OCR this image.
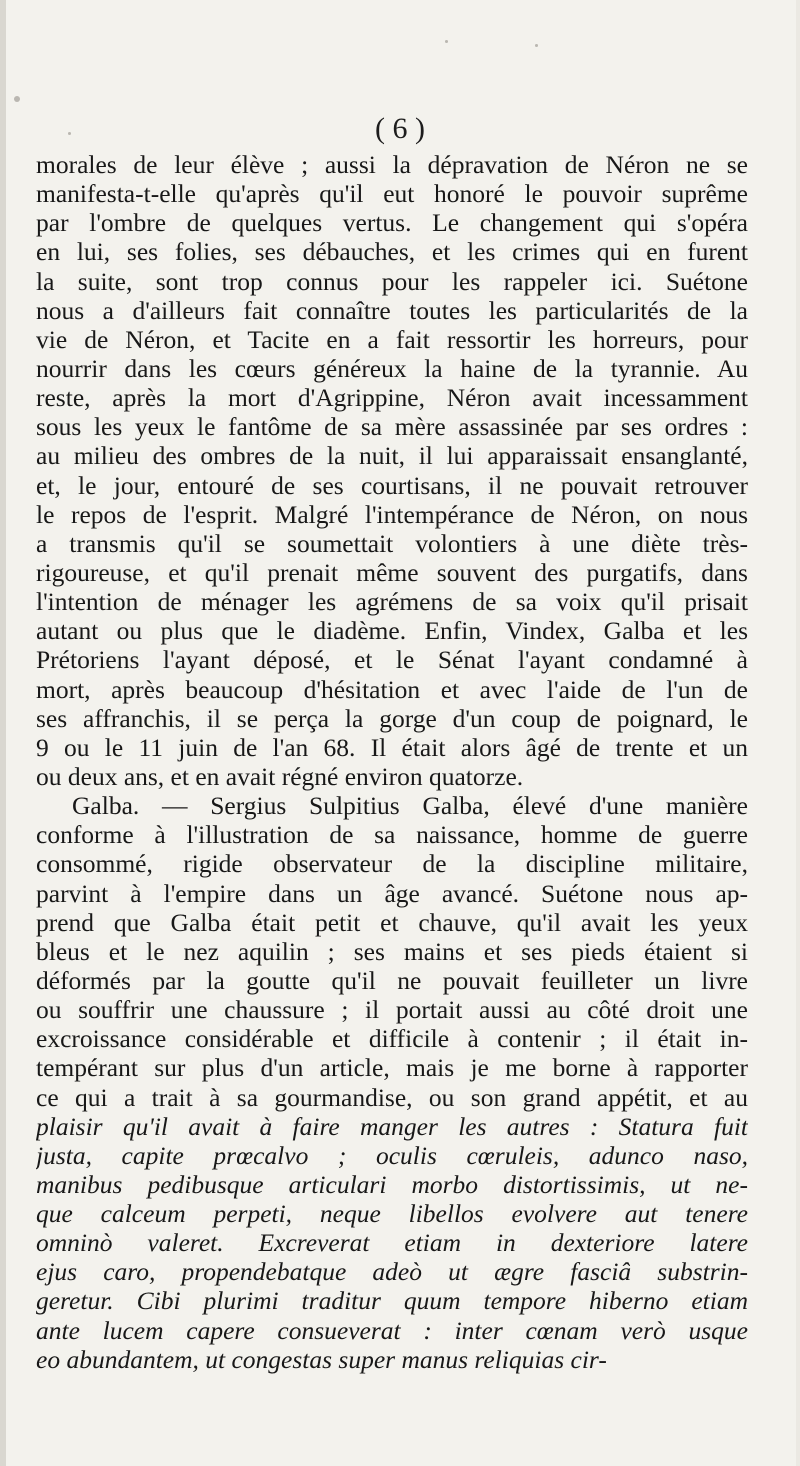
( 6 )
morales de leur élève ; aussi la dépravation de Néron ne se
manifesta-t-elle qu'après qu'il eut honoré le pouvoir suprême
par l'ombre de quelques vertus. Le changement qui s'opéra
en lui, ses folies, ses débauches, et les crimes qui en furent
la suite, sont trop connus pour les rappeler ici. Suétone
nous a d'ailleurs fait connaître toutes les particularités de la
vie de Néron, et Tacite en a fait ressortir les horreurs, pour
nourrir dans les cœurs généreux la haine de la tyrannie. Au
reste, après la mort d'Agrippine, Néron avait incessamment
sous les yeux le fantôme de sa mère assassinée par ses ordres :
au milieu des ombres de la nuit, il lui apparaissait ensanglanté,
et, le jour, entouré de ses courtisans, il ne pouvait retrouver
le repos de l'esprit. Malgré l'intempérance de Néron, on nous
a transmis qu'il se soumettait volontiers à une diète très-
rigoureuse, et qu'il prenait même souvent des purgatifs, dans
l'intention de ménager les agrémens de sa voix qu'il prisait
autant ou plus que le diadème. Enfin, Vindex, Galba et les
Prétoriens l'ayant déposé, et le Sénat l'ayant condamné à
mort, après beaucoup d'hésitation et avec l'aide de l'un de
ses affranchis, il se perça la gorge d'un coup de poignard, le
9 ou le 11 juin de l'an 68. Il était alors âgé de trente et un
ou deux ans, et en avait régné environ quatorze.
Galba. — Sergius Sulpitius Galba, élevé d'une manière
conforme à l'illustration de sa naissance, homme de guerre
consommé, rigide observateur de la discipline militaire,
parvint à l'empire dans un âge avancé. Suétone nous ap-
prend que Galba était petit et chauve, qu'il avait les yeux
bleus et le nez aquilin ; ses mains et ses pieds étaient si
déformés par la goutte qu'il ne pouvait feuilleter un livre
ou souffrir une chaussure ; il portait aussi au côté droit une
excroissance considérable et difficile à contenir ; il était in-
tempérant sur plus d'un article, mais je me borne à rapporter
ce qui a trait à sa gourmandise, ou son grand appétit, et au
plaisir qu'il avait à faire manger les autres : Statura fuit
justa, capite prœcalvo ; oculis cœruleis, adunco naso,
manibus pedibusque articulari morbo distortissimis, ut ne-
que calceum perpeti, neque libellos evolvere aut tenere
omninò valeret. Excreverat etiam in dexteriore latere
ejus caro, propendebatque adeò ut ægre fasciâ substrin-
geretur. Cibi plurimi traditur quum tempore hiberno etiam
ante lucem capere consueverat : inter cœnam verò usque
eo abundantem, ut congestas super manus reliquias cir-
